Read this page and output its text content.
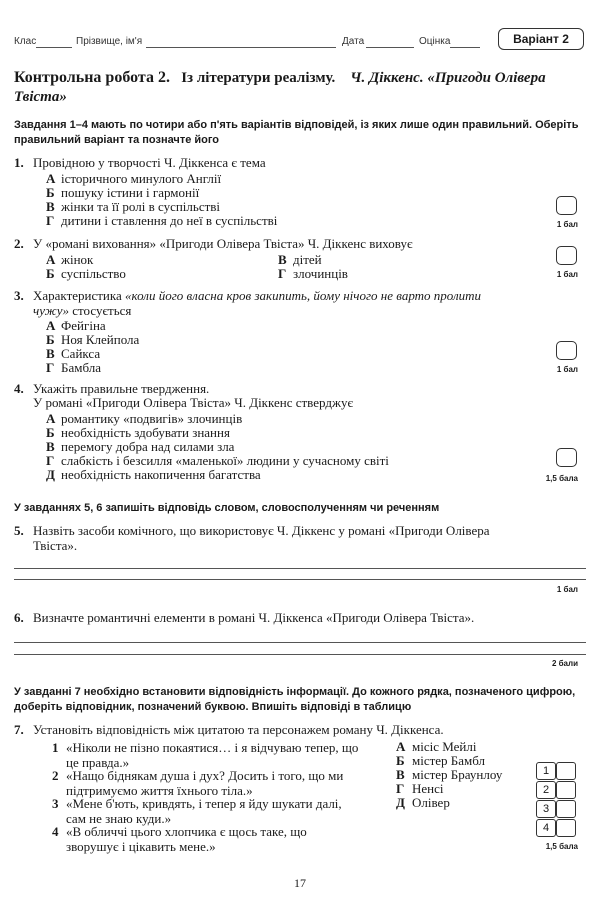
Клас	Прізвище, ім'я	Дата	Оцінка	Варіант 2
Контрольна робота 2. Із літератури реалізму. Ч. Діккенс. «Пригоди Олівера Твіста»
Завдання 1–4 мають по чотири або п'ять варіантів відповідей, із яких лише один правильний. Оберіть правильний варіант та позначте його
1. Провідною у творчості Ч. Діккенса є тема
А історичного минулого Англії
Б пошуку істини і гармонії
В жінки та її ролі в суспільстві
Г дитини і ставлення до неї в суспільстві	1 бал
2. У «романі виховання» «Пригоди Олівера Твіста» Ч. Діккенс виховує
А жінок	В дітей
Б суспільство	Г злочинців	1 бал
3. Характеристика «коли його власна кров закипить, йому нічого не варто пролити чужу» стосується
А Фейгіна
Б Ноя Клейпола
В Сайкса
Г Бамбла	1 бал
4. Укажіть правильне твердження.
У романі «Пригоди Олівера Твіста» Ч. Діккенс стверджує
А романтику «подвигів» злочинців
Б необхідність здобувати знання
В перемогу добра над силами зла
Г слабкість і безсилля «маленької» людини у сучасному світі
Д необхідність накопичення багатства	1,5 бала
У завданнях 5, 6 запишіть відповідь словом, словосполученням чи реченням
5. Назвіть засоби комічного, що використовує Ч. Діккенс у романі «Пригоди Олівера Твіста».
1 бал
6. Визначте романтичні елементи в романі Ч. Діккенса «Пригоди Олівера Твіста».
2 бали
У завданні 7 необхідно встановити відповідність інформації. До кожного рядка, позначеного цифрою, доберіть відповідник, позначений буквою. Впишіть відповіді в таблицю
7. Установіть відповідність між цитатою та персонажем роману Ч. Діккенса.
1 «Ніколи не пізно покаятися… і я відчуваю тепер, що це правда.»
2 «Нащо біднякам душа і дух? Досить і того, що ми підтримуємо життя їхнього тіла.»
3 «Мене б'ють, кривдять, і тепер я йду шукати далі, сам не знаю куди.»
4 «В обличчі цього хлопчика є щось таке, що зворушує і цікавить мене.»
А місіс Мейлі
Б містер Бамбл
В містер Браунлоу
Г Ненсі
Д Олівер
1
2
3
4
1,5 бала
17
